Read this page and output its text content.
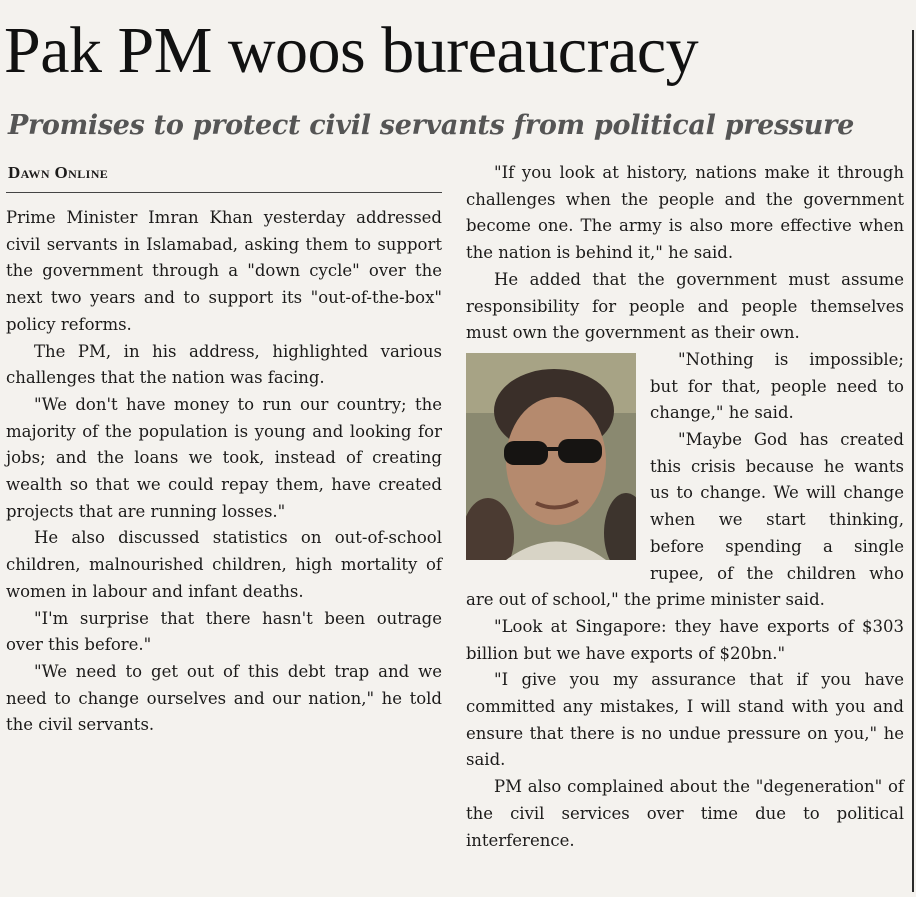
Pak PM woos bureaucracy
Promises to protect civil servants from political pressure
Dawn Online

Prime Minister Imran Khan yesterday addressed civil servants in Islamabad, asking them to support the government through a "down cycle" over the next two years and to support its "out-of-the-box" policy reforms.

The PM, in his address, highlighted various challenges that the nation was facing.

"We don't have money to run our country; the majority of the population is young and looking for jobs; and the loans we took, instead of creating wealth so that we could repay them, have created projects that are running losses."

He also discussed statistics on out-of-school children, malnourished children, high mortality of women in labour and infant deaths.

"I'm surprise that there hasn't been outrage over this before."

"We need to get out of this debt trap and we need to change ourselves and our nation," he told the civil servants.

"If you look at history, nations make it through challenges when the people and the government become one. The army is also more effective when the nation is behind it," he said.

He added that the government must assume responsibility for people and people themselves must own the government as their own.

"Nothing is impossible; but for that, people need to change," he said.

"Maybe God has created this crisis because he wants us to change. We will change when we start thinking, before spending a single rupee, of the children who are out of school," the prime minister said.

"Look at Singapore: they have exports of $303 billion but we have exports of $20bn."

"I give you my assurance that if you have committed any mistakes, I will stand with you and ensure that there is no undue pressure on you," he said.

PM also complained about the "degeneration" of the civil services over time due to political interference.
